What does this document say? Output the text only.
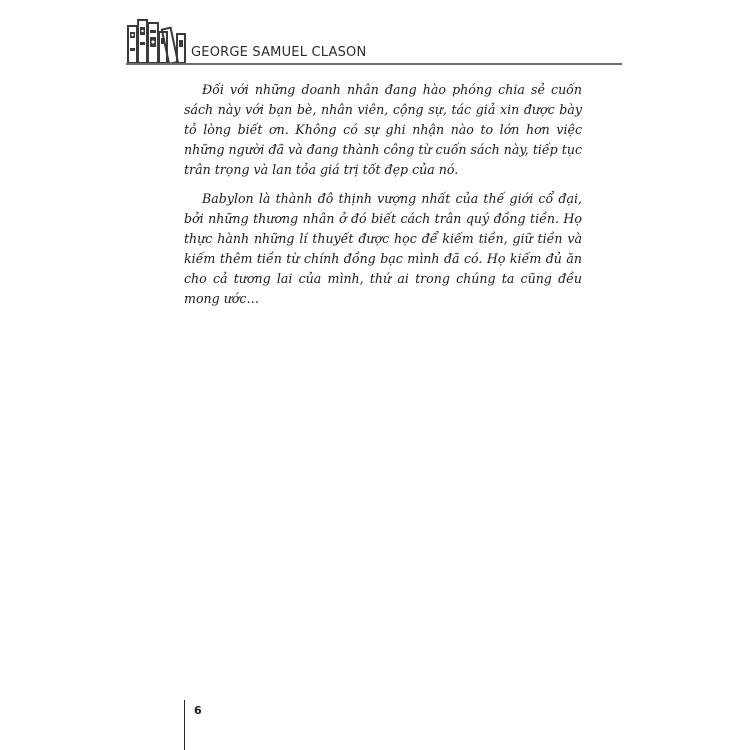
GEORGE SAMUEL CLASON

Đối với những doanh nhân đang hào phóng chia sẻ cuốn sách này với bạn bè, nhân viên, cộng sự, tác giả xin được bày tỏ lòng biết ơn. Không có sự ghi nhận nào to lớn hơn việc những người đã và đang thành công từ cuốn sách này, tiếp tục trân trọng và lan tỏa giá trị tốt đẹp của nó.

Babylon là thành đô thịnh vượng nhất của thế giới cổ đại, bởi những thương nhân ở đó biết cách trân quý đồng tiền. Họ thực hành những lí thuyết được học để kiếm tiền, giữ tiền và kiếm thêm tiền từ chính đồng bạc mình đã có. Họ kiếm đủ ăn cho cả tương lai của mình, thứ ai trong chúng ta cũng đều mong ước…

6
